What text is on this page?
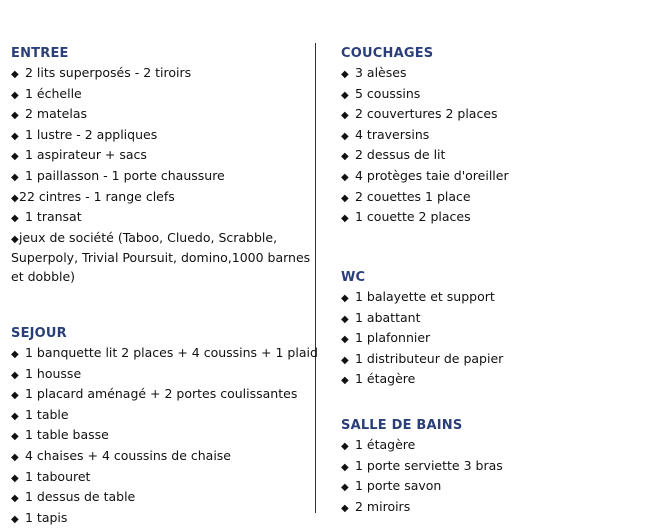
ENTREE
◆ 2 lits superposés - 2 tiroirs
◆ 1 échelle
◆ 2 matelas
◆ 1 lustre - 2 appliques
◆ 1 aspirateur + sacs
◆ 1 paillasson - 1 porte chaussure
◆22 cintres - 1 range clefs
◆ 1 transat
◆jeux de société (Taboo, Cluedo, Scrabble, Superpoly, Trivial Poursuit, domino,1000 barnes et dobble)
SEJOUR
◆ 1 banquette lit 2 places + 4 coussins + 1 plaid
◆ 1 housse
◆ 1 placard aménagé + 2 portes coulissantes
◆ 1 table
◆ 1 table basse
◆ 4 chaises + 4 coussins de chaise
◆ 1 tabouret
◆ 1 dessus de table
◆ 1 tapis
COUCHAGES
◆ 3 alèses
◆ 5 coussins
◆ 2 couvertures 2 places
◆ 4 traversins
◆ 2 dessus de lit
◆ 4 protèges taie d'oreiller
◆ 2 couettes 1 place
◆ 1 couette 2 places
WC
◆ 1 balayette et support
◆ 1 abattant
◆ 1 plafonnier
◆ 1 distributeur de papier
◆ 1 étagère
SALLE DE BAINS
◆ 1 étagère
◆ 1 porte serviette 3 bras
◆ 1 porte savon
◆ 2 miroirs
